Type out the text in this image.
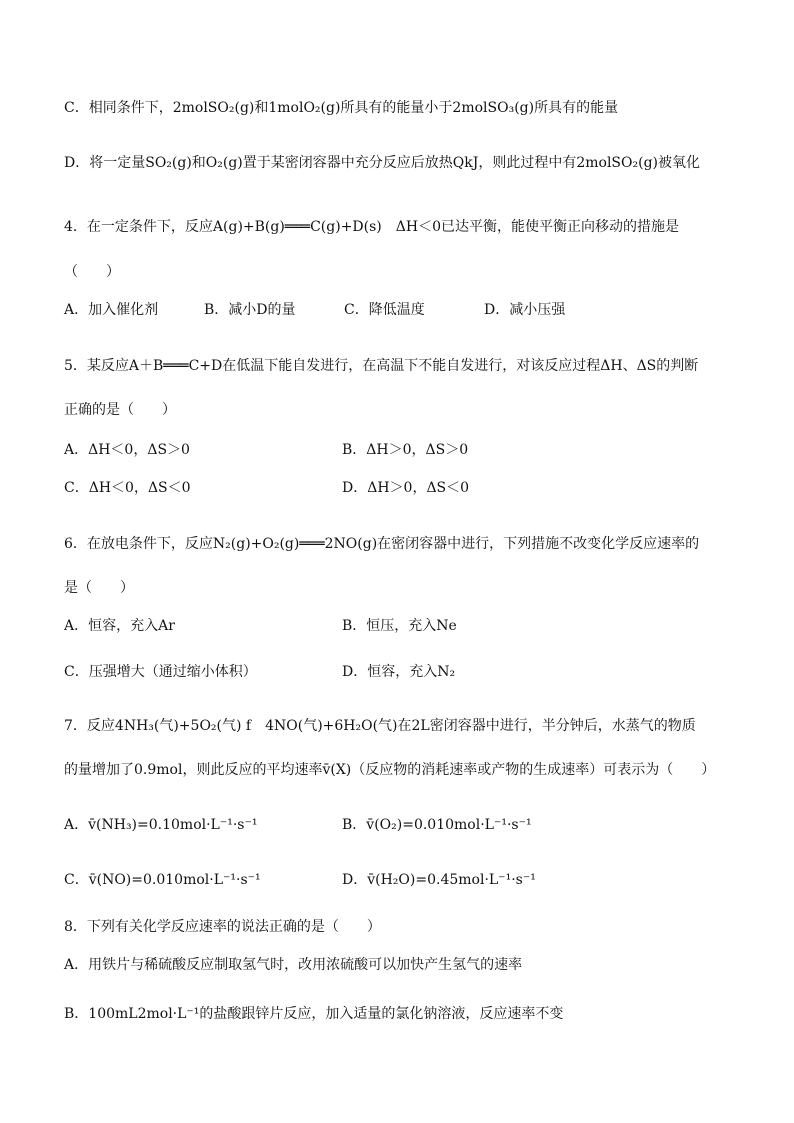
C．相同条件下，2molSO₂(g)和1molO₂(g)所具有的能量小于2molSO₃(g)所具有的能量
D．将一定量SO₂(g)和O₂(g)置于某密闭容器中充分反应后放热QkJ，则此过程中有2molSO₂(g)被氧化
4．在一定条件下，反应A(g)+B(g)═══C(g)+D(s)　ΔH＜0已达平衡，能使平衡正向移动的措施是
（　　）
A．加入催化剂	B．减小D的量	C．降低温度	D．减小压强
5．某反应A＋B═══C+D在低温下能自发进行，在高温下不能自发进行，对该反应过程ΔH、ΔS的判断
正确的是（　　）
A．ΔH＜0，ΔS＞0	B．ΔH＞0，ΔS＞0
C．ΔH＜0，ΔS＜0	D．ΔH＞0，ΔS＜0
6．在放电条件下，反应N₂(g)+O₂(g)═══2NO(g)在密闭容器中进行，下列措施不改变化学反应速率的
是（　　）
A．恒容，充入Ar	B．恒压，充入Ne
C．压强增大（通过缩小体积）	D．恒容，充入N₂
7．反应4NH₃(气)+5O₂(气) f　4NO(气)+6H₂O(气)在2L密闭容器中进行，半分钟后，水蒸气的物质
的量增加了0.9mol，则此反应的平均速率v̄(X)（反应物的消耗速率或产物的生成速率）可表示为（　　）
A．v̄(NH₃)=0.10mol·L⁻¹·s⁻¹	B．v̄(O₂)=0.010mol·L⁻¹·s⁻¹
C．v̄(NO)=0.010mol·L⁻¹·s⁻¹	D．v̄(H₂O)=0.45mol·L⁻¹·s⁻¹
8．下列有关化学反应速率的说法正确的是（　　）
A．用铁片与稀硫酸反应制取氢气时，改用浓硫酸可以加快产生氢气的速率
B．100mL2mol·L⁻¹的盐酸跟锌片反应，加入适量的氯化钠溶液，反应速率不变
